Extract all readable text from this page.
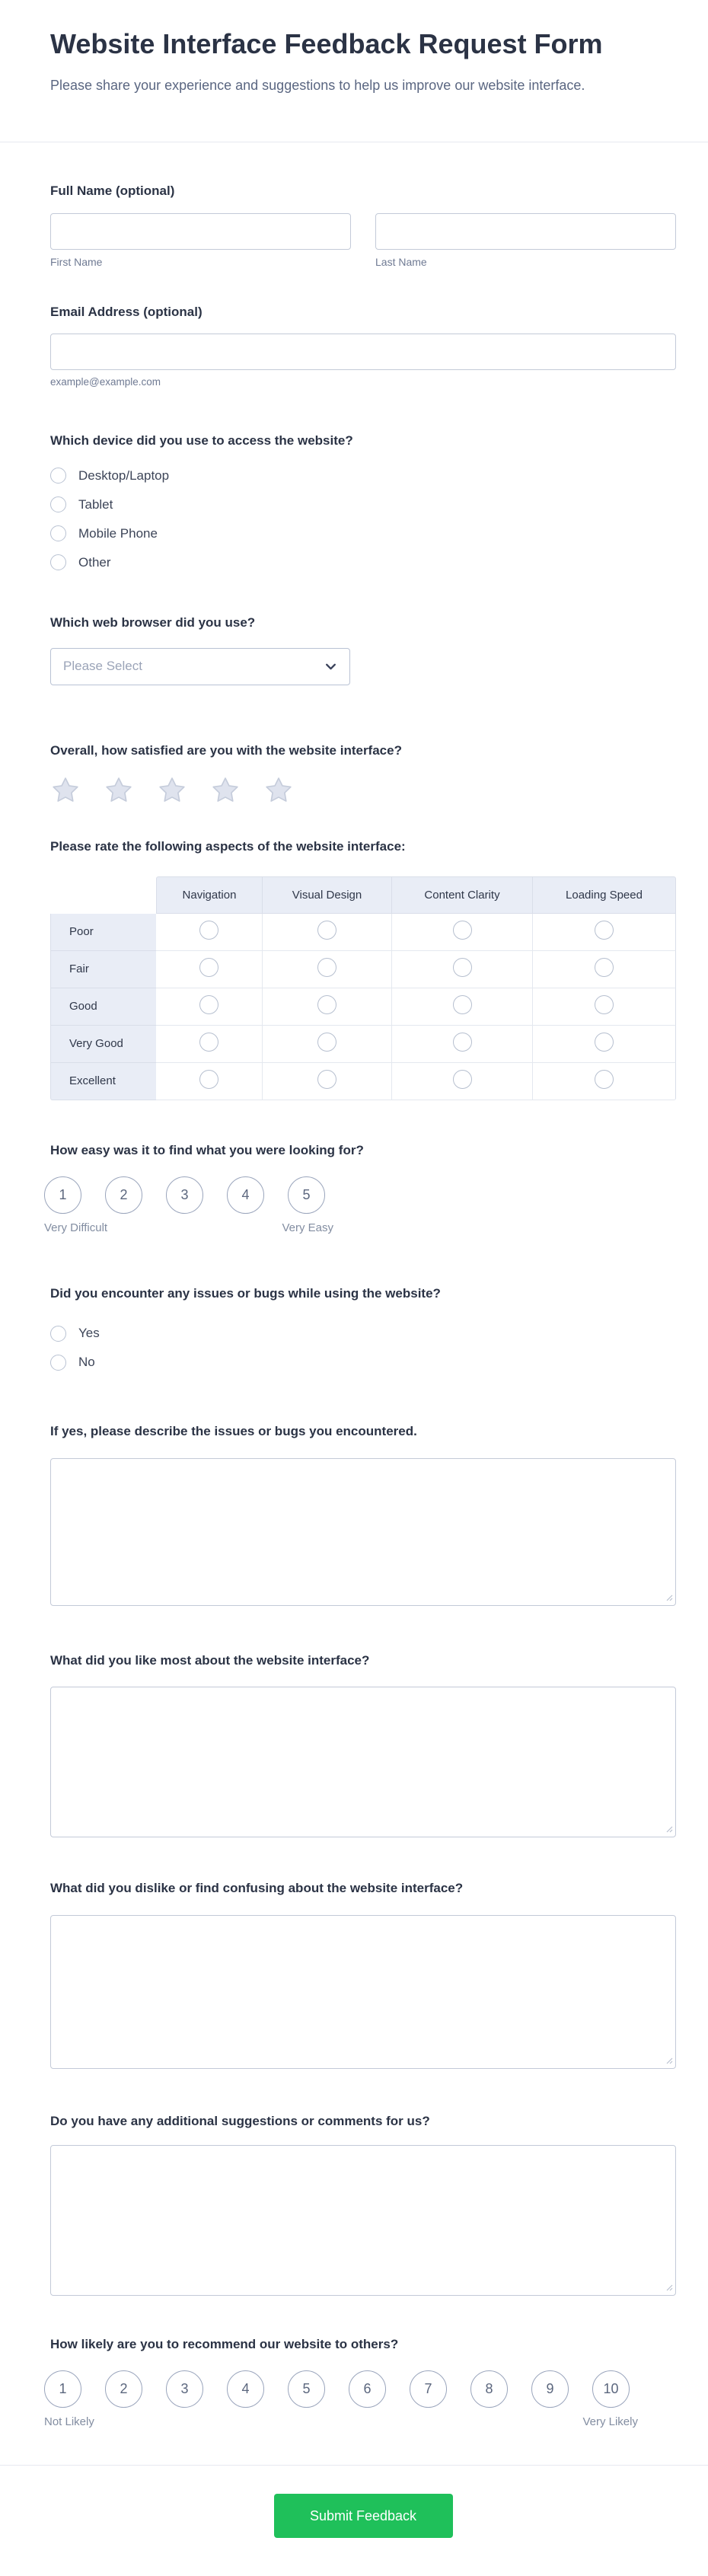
Website Interface Feedback Request Form

Please share your experience and suggestions to help us improve our website interface.

Full Name (optional)
First Name	Last Name
Email Address (optional)
example@example.com
Which device did you use to access the website?
Desktop/Laptop
Tablet
Mobile Phone
Other
Which web browser did you use?
Please Select
Overall, how satisfied are you with the website interface?
Please rate the following aspects of the website interface:
	Navigation	Visual Design	Content Clarity	Loading Speed
Poor				
Fair				
Good				
Very Good				
Excellent				
How easy was it to find what you were looking for?
1	2	3	4	5
Very Difficult	Very Easy
Did you encounter any issues or bugs while using the website?
Yes
No
If yes, please describe the issues or bugs you encountered.
What did you like most about the website interface?
What did you dislike or find confusing about the website interface?
Do you have any additional suggestions or comments for us?
How likely are you to recommend our website to others?
1	2	3	4	5	6	7	8	9	10
Not Likely	Very Likely
Submit Feedback
